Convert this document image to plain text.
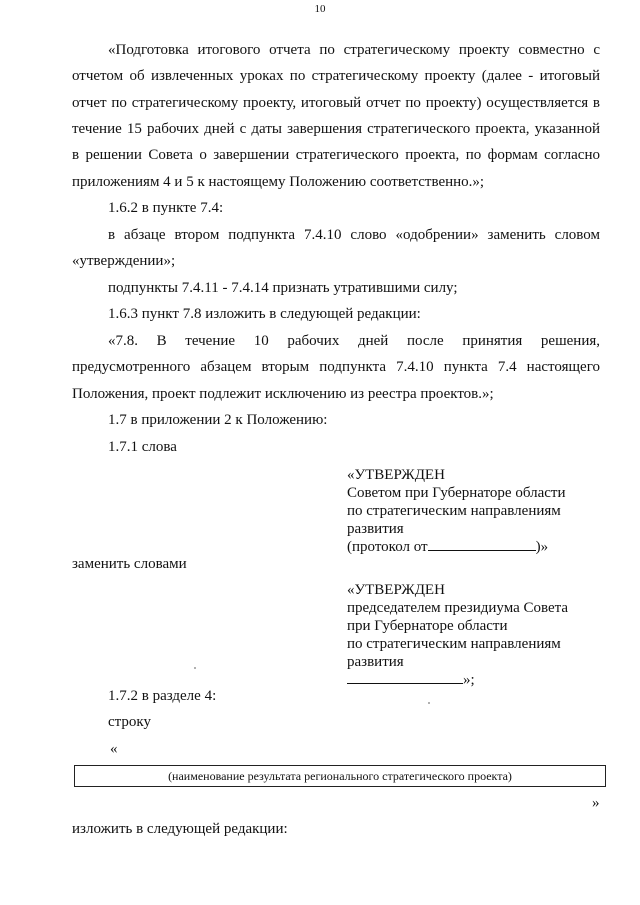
10
«Подготовка итогового отчета по стратегическому проекту совместно с
отчетом об извлеченных уроках по стратегическому проекту (далее - итоговый
отчет по стратегическому проекту, итоговый отчет по проекту) осуществляется в
течение 15 рабочих дней с даты завершения стратегического проекта, указанной
в решении Совета о завершении стратегического проекта, по формам согласно
приложениям 4 и 5 к настоящему Положению соответственно.»;
1.6.2 в пункте 7.4:
в абзаце втором подпункта 7.4.10 слово «одобрении» заменить словом
«утверждении»;
подпункты 7.4.11 - 7.4.14 признать утратившими силу;
1.6.3 пункт 7.8 изложить в следующей редакции:
«7.8. В течение 10 рабочих дней после принятия решения,
предусмотренного абзацем вторым подпункта 7.4.10 пункта 7.4 настоящего
Положения, проект подлежит исключению из реестра проектов.»;
1.7 в приложении 2 к Положению:
1.7.1 слова
«УТВЕРЖДЕН
Советом при Губернаторе области
по стратегическим направлениям
развития
(протокол от	)»
заменить словами
«УТВЕРЖДЕН
председателем президиума Совета
при Губернаторе области
по стратегическим направлениям
развития
»;
1.7.2 в разделе 4:
строку
«
(наименование результата регионального стратегического проекта)
»
изложить в следующей редакции:
